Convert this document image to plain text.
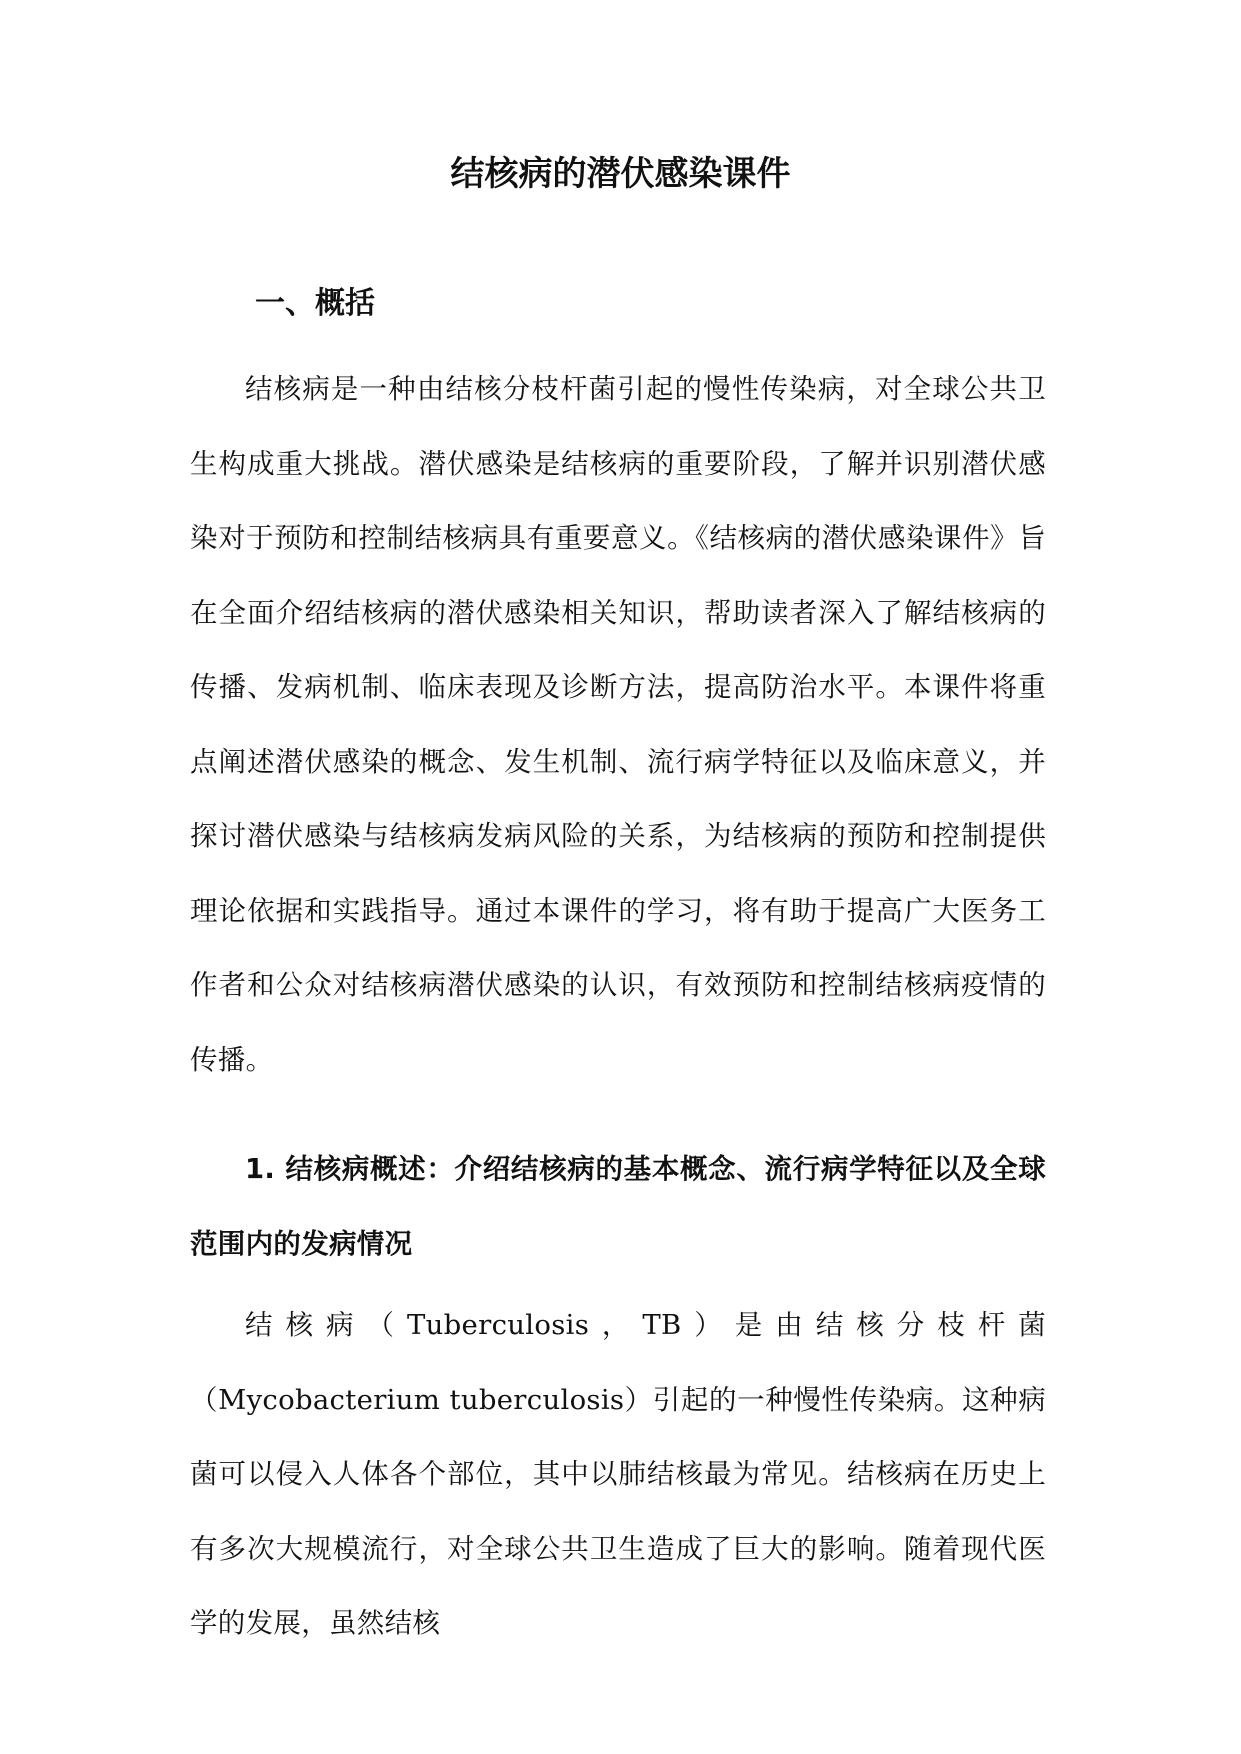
结核病的潜伏感染课件
一、概括

结核病是一种由结核分枝杆菌引起的慢性传染病，对全球公共卫生构成重大挑战。潜伏感染是结核病的重要阶段，了解并识别潜伏感染对于预防和控制结核病具有重要意义。《结核病的潜伏感染课件》旨在全面介绍结核病的潜伏感染相关知识，帮助读者深入了解结核病的传播、发病机制、临床表现及诊断方法，提高防治水平。本课件将重点阐述潜伏感染的概念、发生机制、流行病学特征以及临床意义，并探讨潜伏感染与结核病发病风险的关系，为结核病的预防和控制提供理论依据和实践指导。通过本课件的学习，将有助于提高广大医务工作者和公众对结核病潜伏感染的认识，有效预防和控制结核病疫情的传播。

1. 结核病概述：介绍结核病的基本概念、流行病学特征以及全球范围内的发病情况

结核病（Tuberculosis，TB）是由结核分枝杆菌（Mycobacterium tuberculosis）引起的一种慢性传染病。这种病菌可以侵入人体各个部位，其中以肺结核最为常见。结核病在历史上有多次大规模流行，对全球公共卫生造成了巨大的影响。随着现代医学的发展，虽然结核
